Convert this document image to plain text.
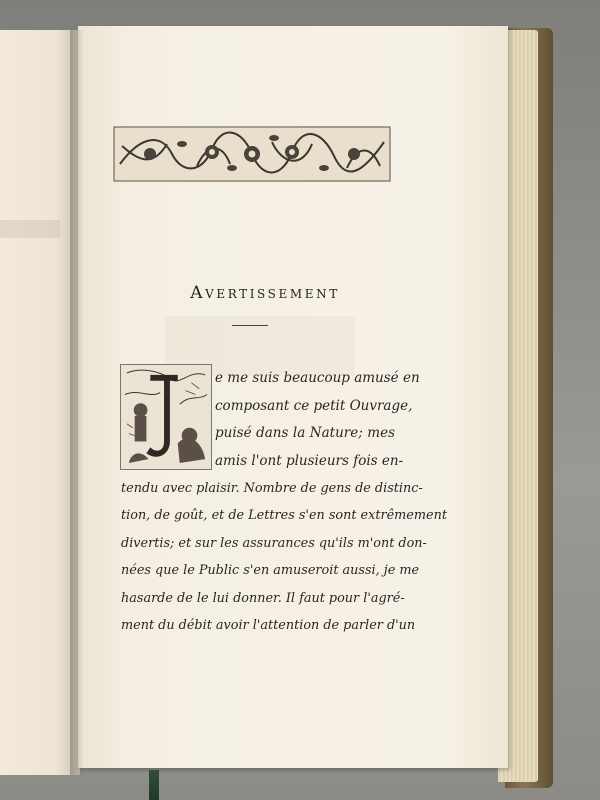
Avertissement

e me suis beaucoup amusé en

composant ce petit Ouvrage,

puisé dans la Nature; mes

amis l'ont plusieurs fois en-

tendu avec plaisir. Nombre de gens de distinc-

tion, de goût, et de Lettres s'en sont extrêmement

divertis; et sur les assurances qu'ils m'ont don-

nées que le Public s'en amuseroit aussi, je me

hasarde de le lui donner. Il faut pour l'agré-

ment du débit avoir l'attention de parler d'un
